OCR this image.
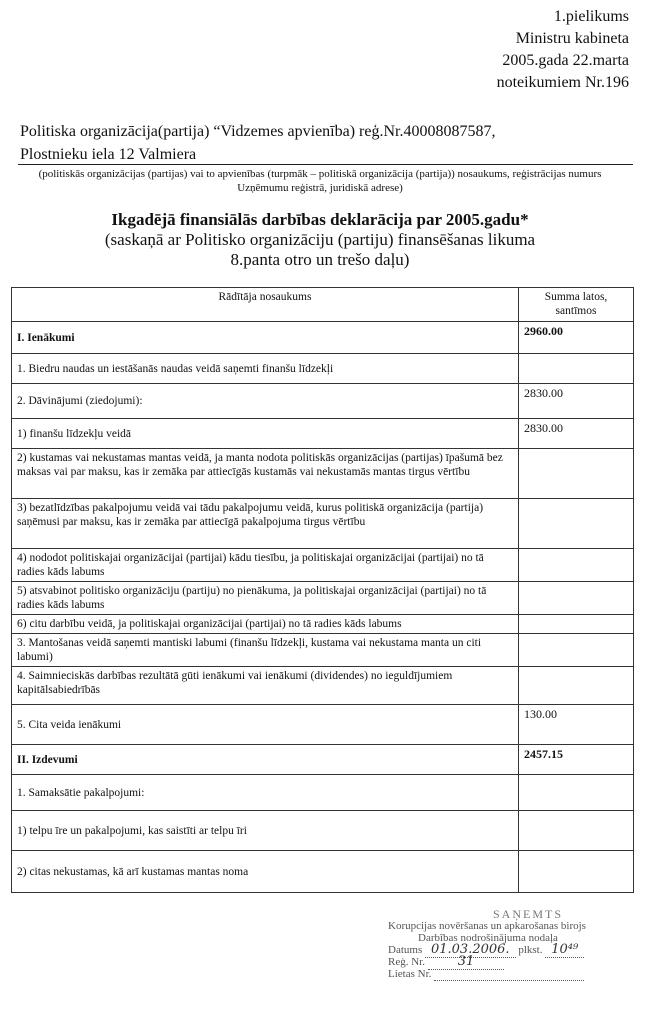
1.pielikums
Ministru kabineta
2005.gada 22.marta
noteikumiem Nr.196
Politiska organizācija(partija) “Vidzemes apvienība) reģ.Nr.40008087587,
Plostnieku iela 12 Valmiera
(politiskās organizācijas (partijas) vai to apvienības (turpmāk – politiskā organizācija (partija)) nosaukums, reģistrācijas numurs Uzņēmumu reģistrā, juridiskā adrese)
Ikgadējā finansiālās darbības deklarācija par 2005.gadu*
(saskaņā ar Politisko organizāciju (partiju) finansēšanas likuma
8.panta otro un trešo daļu)
Rādītāja nosaukums	Summa latos, santīmos
I. Ienākumi	2960.00
1. Biedru naudas un iestāšanās naudas veidā saņemti finanšu līdzekļi	
2. Dāvinājumi (ziedojumi):	2830.00
1) finanšu līdzekļu veidā	2830.00
2) kustamas vai nekustamas mantas veidā, ja manta nodota politiskās organizācijas (partijas) īpašumā bez maksas vai par maksu, kas ir zemāka par attiecīgās kustamās vai nekustamās mantas tirgus vērtību	
3) bezatlīdzības pakalpojumu veidā vai tādu pakalpojumu veidā, kurus politiskā organizācija (partija) saņēmusi par maksu, kas ir zemāka par attiecīgā pakalpojuma tirgus vērtību	
4) nododot politiskajai organizācijai (partijai) kādu tiesību, ja politiskajai organizācijai (partijai) no tā radies kāds labums	
5) atsvabinot politisko organizāciju (partiju) no pienākuma, ja politiskajai organizācijai (partijai) no tā radies kāds labums	
6) citu darbību veidā, ja politiskajai organizācijai (partijai) no tā radies kāds labums	
3. Mantošanas veidā saņemti mantiski labumi (finanšu līdzekļi, kustama vai nekustama manta un citi labumi)	
4. Saimnieciskās darbības rezultātā gūti ienākumi vai ienākumi (dividendes) no ieguldījumiem kapitālsabiedrībās	
5. Cita veida ienākumi	130.00
II. Izdevumi	2457.15
1. Samaksātie pakalpojumi:	
1) telpu īre un pakalpojumi, kas saistīti ar telpu īri	
2) citas nekustamas, kā arī kustamas mantas noma	
SAŅEMTS
Korupcijas novēršanas un apkarošanas birojs
Darbības nodrošinājuma nodaļa
Datums 01.03.2006. plkst. 10⁴⁹
Reģ. Nr.	31
Lietas Nr.
